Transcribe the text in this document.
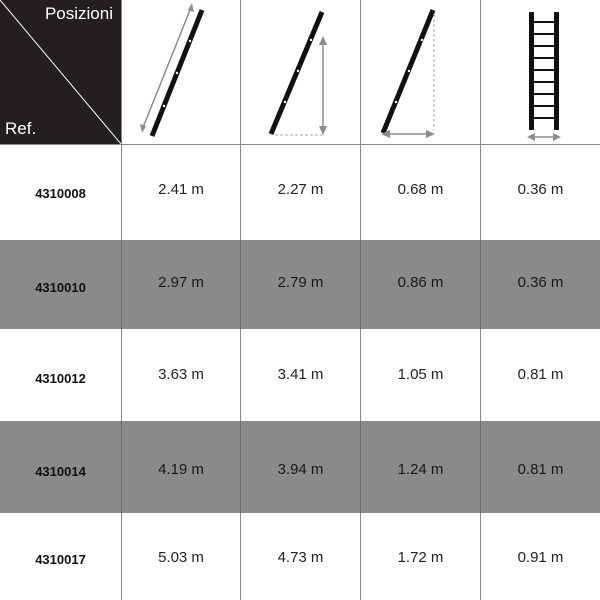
Posizioni
Ref.
4310008	2.41 m	2.27 m	0.68 m	0.36 m
4310010	2.97 m	2.79 m	0.86 m	0.36 m
4310012	3.63 m	3.41 m	1.05 m	0.81 m
4310014	4.19 m	3.94 m	1.24 m	0.81 m
4310017	5.03 m	4.73 m	1.72 m	0.91 m
